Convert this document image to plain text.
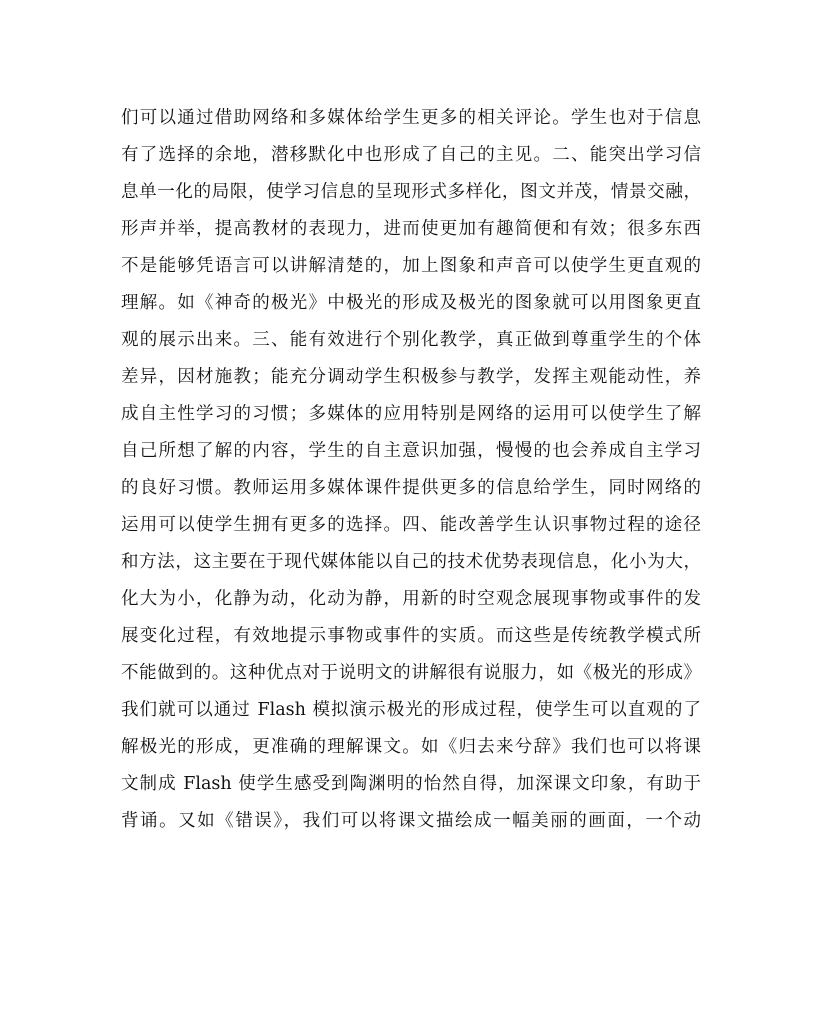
们可以通过借助网络和多媒体给学生更多的相关评论。学生也对于信息
有了选择的余地，潜移默化中也形成了自己的主见。二、能突出学习信
息单一化的局限，使学习信息的呈现形式多样化，图文并茂，情景交融，
形声并举，提高教材的表现力，进而使更加有趣简便和有效；很多东西
不是能够凭语言可以讲解清楚的，加上图象和声音可以使学生更直观的
理解。如《神奇的极光》中极光的形成及极光的图象就可以用图象更直
观的展示出来。三、能有效进行个别化教学，真正做到尊重学生的个体
差异，因材施教；能充分调动学生积极参与教学，发挥主观能动性，养
成自主性学习的习惯；多媒体的应用特别是网络的运用可以使学生了解
自己所想了解的内容，学生的自主意识加强，慢慢的也会养成自主学习
的良好习惯。教师运用多媒体课件提供更多的信息给学生，同时网络的
运用可以使学生拥有更多的选择。四、能改善学生认识事物过程的途径
和方法，这主要在于现代媒体能以自己的技术优势表现信息，化小为大，
化大为小，化静为动，化动为静，用新的时空观念展现事物或事件的发
展变化过程，有效地提示事物或事件的实质。而这些是传统教学模式所
不能做到的。这种优点对于说明文的讲解很有说服力，如《极光的形成》
我们就可以通过 Flash 模拟演示极光的形成过程，使学生可以直观的了
解极光的形成，更准确的理解课文。如《归去来兮辞》我们也可以将课
文制成 Flash 使学生感受到陶渊明的怡然自得，加深课文印象，有助于
背诵。又如《错误》，我们可以将课文描绘成一幅美丽的画面，一个动
